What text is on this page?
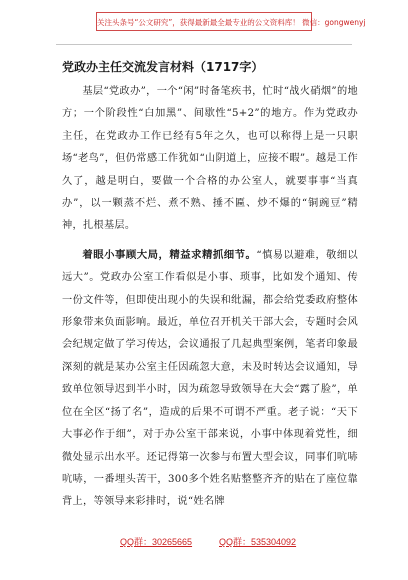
关注头条号“公文研究”，获得最新最全最专业的公文资料库！ 微信：gongwenyj
党政办主任交流发言材料（1717字）

基层“党政办”，一个“闲”时备笔疾书，忙时“战火硝烟”的地方；一个阶段性“白加黑”、间歇性“5+2”的地方。作为党政办主任，在党政办工作已经有5年之久，也可以称得上是一只职场“老鸟”，但仍常感工作犹如“山阴道上，应接不暇”。越是工作久了，越是明白，要做一个合格的办公室人，就要事事“当真办”，以一颗蒸不烂、煮不熟、捶不匾、炒不爆的“铜豌豆”精神，扎根基层。

着眼小事顾大局，精益求精抓细节。“慎易以避难，敬细以远大”。党政办公室工作看似是小事、琐事，比如发个通知、传一份文件等，但即使出现小的失误和纰漏，都会给党委政府整体形象带来负面影响。最近，单位召开机关干部大会，专题时会风会纪规定做了学习传达，会议通报了几起典型案例，笔者印象最深刻的就是某办公室主任因疏忽大意，未及时转达会议通知，导致单位领导迟到半小时，因为疏忽导致领导在大会“露了脸”，单位在全区“扬了名”，造成的后果不可谓不严重。老子说：“天下大事必作于细”，对于办公室干部来说，小事中体现着党性，细微处显示出水平。还记得第一次参与布置大型会议，同事们吭哧吭哧，一番埋头苦干，300多个姓名贴整整齐齐的贴在了座位靠背上，等领导来彩排时，说“姓名牌

QQ群：30265665	QQ群：535304092
